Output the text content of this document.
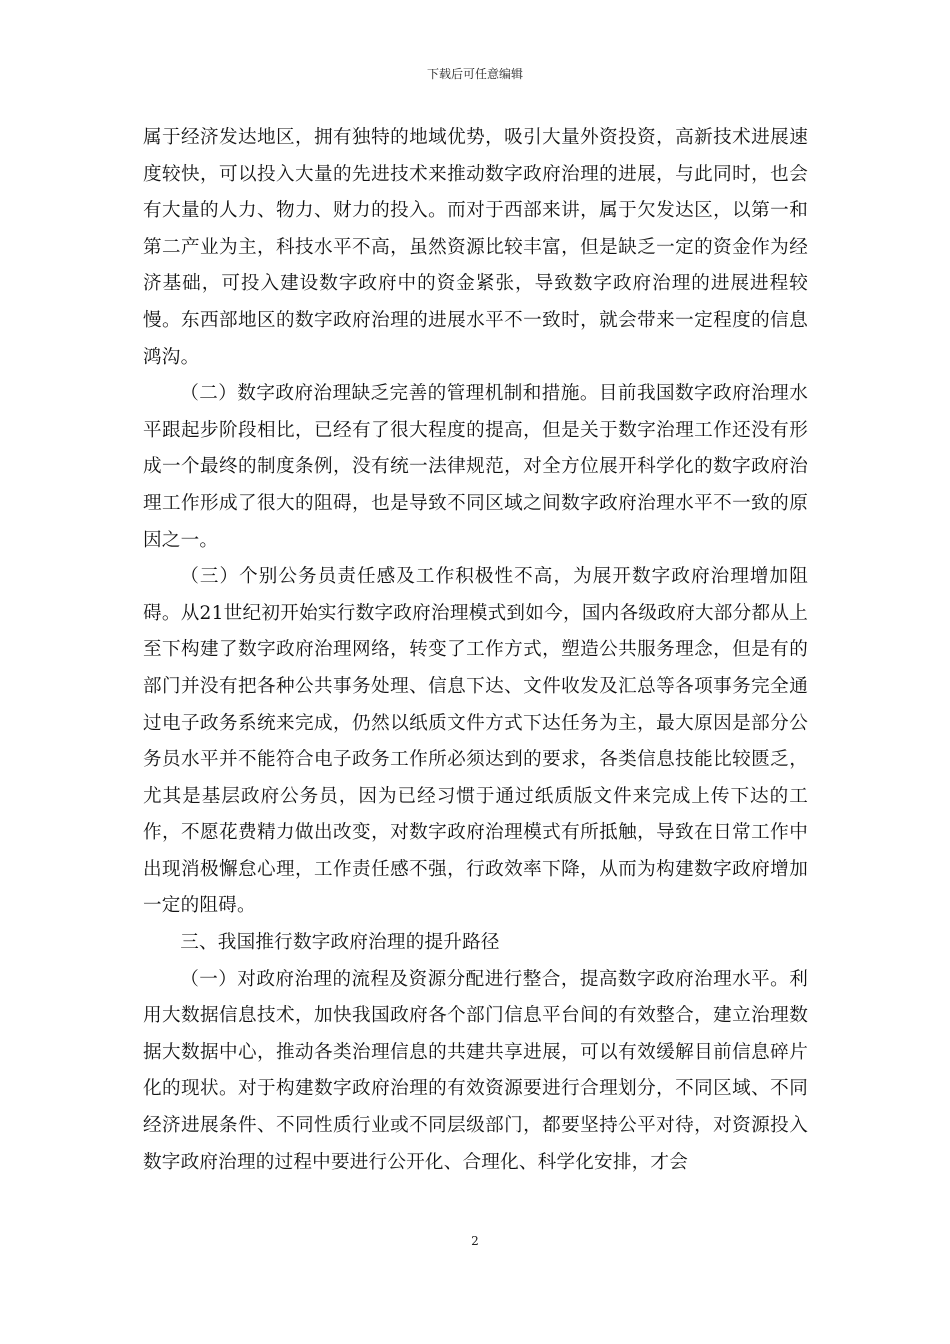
下载后可任意编辑

属于经济发达地区，拥有独特的地域优势，吸引大量外资投资，高新技术进展速度较快，可以投入大量的先进技术来推动数字政府治理的进展，与此同时，也会有大量的人力、物力、财力的投入。而对于西部来讲，属于欠发达区，以第一和第二产业为主，科技水平不高，虽然资源比较丰富，但是缺乏一定的资金作为经济基础，可投入建设数字政府中的资金紧张，导致数字政府治理的进展进程较慢。东西部地区的数字政府治理的进展水平不一致时，就会带来一定程度的信息鸿沟。

（二）数字政府治理缺乏完善的管理机制和措施。目前我国数字政府治理水平跟起步阶段相比，已经有了很大程度的提高，但是关于数字治理工作还没有形成一个最终的制度条例，没有统一法律规范，对全方位展开科学化的数字政府治理工作形成了很大的阻碍，也是导致不同区域之间数字政府治理水平不一致的原因之一。

（三）个别公务员责任感及工作积极性不高，为展开数字政府治理增加阻碍。从21世纪初开始实行数字政府治理模式到如今，国内各级政府大部分都从上至下构建了数字政府治理网络，转变了工作方式，塑造公共服务理念，但是有的部门并没有把各种公共事务处理、信息下达、文件收发及汇总等各项事务完全通过电子政务系统来完成，仍然以纸质文件方式下达任务为主，最大原因是部分公务员水平并不能符合电子政务工作所必须达到的要求，各类信息技能比较匮乏，尤其是基层政府公务员，因为已经习惯于通过纸质版文件来完成上传下达的工作，不愿花费精力做出改变，对数字政府治理模式有所抵触，导致在日常工作中出现消极懈怠心理，工作责任感不强，行政效率下降，从而为构建数字政府增加一定的阻碍。

三、我国推行数字政府治理的提升路径

（一）对政府治理的流程及资源分配进行整合，提高数字政府治理水平。利用大数据信息技术，加快我国政府各个部门信息平台间的有效整合，建立治理数据大数据中心，推动各类治理信息的共建共享进展，可以有效缓解目前信息碎片化的现状。对于构建数字政府治理的有效资源要进行合理划分，不同区域、不同经济进展条件、不同性质行业或不同层级部门，都要坚持公平对待，对资源投入数字政府治理的过程中要进行公开化、合理化、科学化安排，才会

2
